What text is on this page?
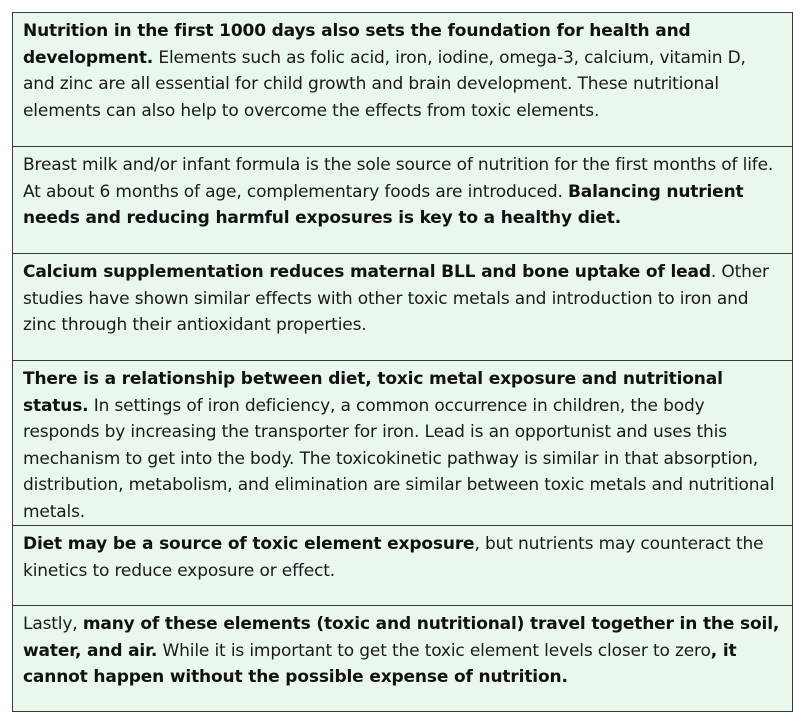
Nutrition in the first 1000 days also sets the foundation for health and development. Elements such as folic acid, iron, iodine, omega-3, calcium, vitamin D, and zinc are all essential for child growth and brain development. These nutritional elements can also help to overcome the effects from toxic elements.
Breast milk and/or infant formula is the sole source of nutrition for the first months of life. At about 6 months of age, complementary foods are introduced. Balancing nutrient needs and reducing harmful exposures is key to a healthy diet.
Calcium supplementation reduces maternal BLL and bone uptake of lead. Other studies have shown similar effects with other toxic metals and introduction to iron and zinc through their antioxidant properties.
There is a relationship between diet, toxic metal exposure and nutritional status. In settings of iron deficiency, a common occurrence in children, the body responds by increasing the transporter for iron. Lead is an opportunist and uses this mechanism to get into the body. The toxicokinetic pathway is similar in that absorption, distribution, metabolism, and elimination are similar between toxic metals and nutritional metals.
Diet may be a source of toxic element exposure, but nutrients may counteract the kinetics to reduce exposure or effect.
Lastly, many of these elements (toxic and nutritional) travel together in the soil, water, and air. While it is important to get the toxic element levels closer to zero, it cannot happen without the possible expense of nutrition.
